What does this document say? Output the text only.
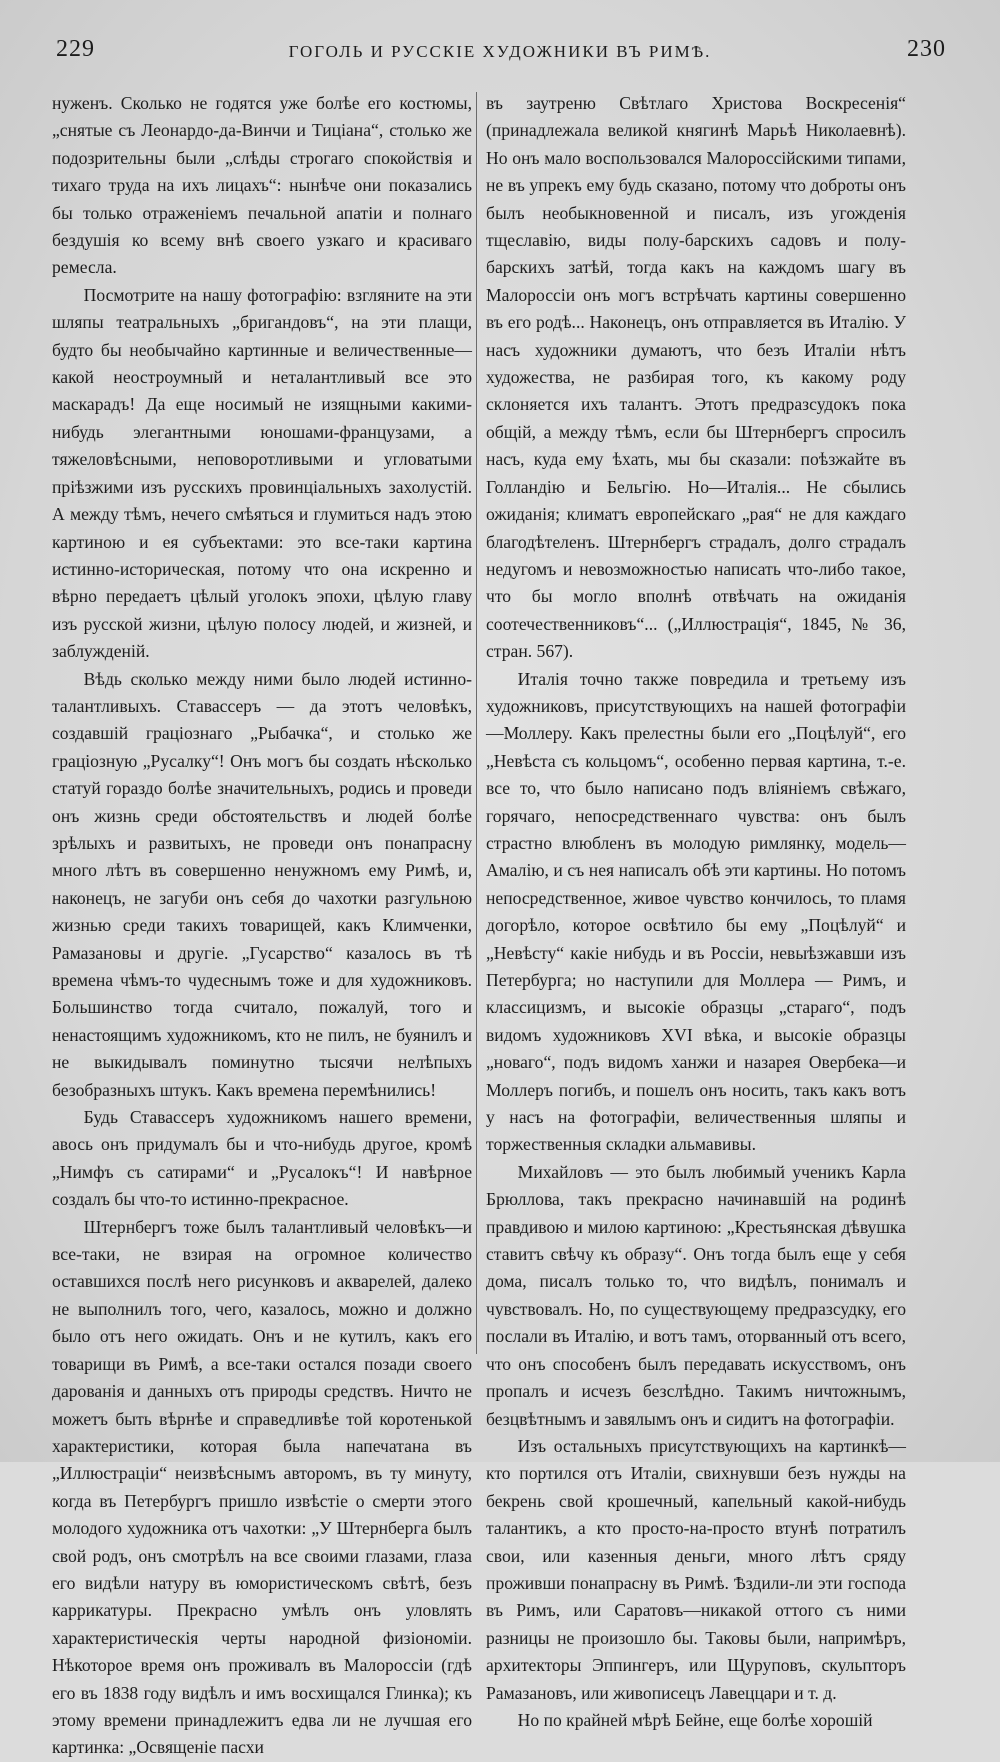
229	ГОГОЛЬ И РУССКІЕ ХУДОЖНИКИ ВЪ РИМѢ.	230

нуженъ. Сколько не годятся уже болѣе его костюмы, „снятые съ Леонардо-да-Винчи и Тиціана“, столько же подозрительны были „слѣды строгаго спокойствія и тихаго труда на ихъ лицахъ“: нынѣче они показались бы только отраженіемъ печальной апатіи и полнаго бездушія ко всему внѣ своего узкаго и красиваго ремесла.

Посмотрите на нашу фотографію: взгляните на эти шляпы театральныхъ „бригандовъ“, на эти плащи, будто бы необычайно картинные и величественные—какой неостроумный и неталантливый все это маскарадъ! Да еще носимый не изящными какими-нибудь элегантными юношами-французами, а тяжеловѣсными, неповоротливыми и угловатыми пріѣзжими изъ русскихъ провинціальныхъ захолустій. А между тѣмъ, нечего смѣяться и глумиться надъ этою картиною и ея субъектами: это все-таки картина истинно-историческая, потому что она искренно и вѣрно передаетъ цѣлый уголокъ эпохи, цѣлую главу изъ русской жизни, цѣлую полосу людей, и жизней, и заблужденій.

Вѣдь сколько между ними было людей истинно-талантливыхъ. Ставассеръ — да этотъ человѣкъ, создавшій граціознаго „Рыбачка“, и столько же граціозную „Русалку“! Онъ могъ бы создать нѣсколько статуй гораздо болѣе значительныхъ, родись и проведи онъ жизнь среди обстоятельствъ и людей болѣе зрѣлыхъ и развитыхъ, не проведи онъ понапрасну много лѣтъ въ совершенно ненужномъ ему Римѣ, и, наконецъ, не загуби онъ себя до чахотки разгульною жизнью среди такихъ товарищей, какъ Климченки, Рамазановы и другіе. „Гусарство“ казалось въ тѣ времена чѣмъ-то чудеснымъ тоже и для художниковъ. Большинство тогда считало, пожалуй, того и ненастоящимъ художникомъ, кто не пилъ, не буянилъ и не выкидывалъ поминутно тысячи нелѣпыхъ безобразныхъ штукъ. Какъ времена перемѣнились!

Будь Ставассеръ художникомъ нашего времени, авось онъ придумалъ бы и что-нибудь другое, кромѣ „Нимфъ съ сатирами“ и „Русалокъ“! И навѣрное создалъ бы что-то истинно-прекрасное.

Штернбергъ тоже былъ талантливый человѣкъ—и все-таки, не взирая на огромное количество оставшихся послѣ него рисунковъ и акварелей, далеко не выполнилъ того, чего, казалось, можно и должно было отъ него ожидать. Онъ и не кутилъ, какъ его товарищи въ Римѣ, а все-таки остался позади своего дарованія и данныхъ отъ природы средствъ. Ничто не можетъ быть вѣрнѣе и справедливѣе той коротенькой характеристики, которая была напечатана въ „Иллюстраціи“ неизвѣснымъ авторомъ, въ ту минуту, когда въ Петербургъ пришло извѣстіе о смерти этого молодого художника отъ чахотки: „У Штернберга былъ свой родъ, онъ смотрѣлъ на все своими глазами, глаза его видѣли натуру въ юмористическомъ свѣтѣ, безъ каррикатуры. Прекрасно умѣлъ онъ уловлять характеристическія черты народной физіономіи. Нѣкоторое время онъ проживалъ въ Малороссіи (гдѣ его въ 1838 году видѣлъ и имъ восхищался Глинка); къ этому времени принадлежитъ едва ли не лучшая его картинка: „Освященіе пасхи

въ заутреню Свѣтлаго Христова Воскресенія“ (принадлежала великой княгинѣ Марьѣ Николаевнѣ). Но онъ мало воспользовался Малороссійскими типами, не въ упрекъ ему будь сказано, потому что доброты онъ былъ необыкновенной и писалъ, изъ угожденія тщеславію, виды полу-барскихъ садовъ и полу-барскихъ затѣй, тогда какъ на каждомъ шагу въ Малороссіи онъ могъ встрѣчать картины совершенно въ его родѣ... Наконецъ, онъ отправляется въ Италію. У насъ художники думаютъ, что безъ Италіи нѣтъ художества, не разбирая того, къ какому роду склоняется ихъ талантъ. Этотъ предразсудокъ пока общій, а между тѣмъ, если бы Штернбергъ спросилъ насъ, куда ему ѣхать, мы бы сказали: поѣзжайте въ Голландію и Бельгію. Но—Италія... Не сбылись ожиданія; климатъ европейскаго „рая“ не для каждаго благодѣтеленъ. Штернбергъ страдалъ, долго страдалъ недугомъ и невозможностью написать что-либо такое, что бы могло вполнѣ отвѣчать на ожиданія соотечественниковъ“... („Иллюстрація“, 1845, № 36, стран. 567).

Италія точно также повредила и третьему изъ художниковъ, присутствующихъ на нашей фотографіи—Моллеру. Какъ прелестны были его „Поцѣлуй“, его „Невѣста съ кольцомъ“, особенно первая картина, т.-е. все то, что было написано подъ вліяніемъ свѣжаго, горячаго, непосредственнаго чувства: онъ былъ страстно влюбленъ въ молодую римлянку, модель—Амалію, и съ нея написалъ обѣ эти картины. Но потомъ непосредственное, живое чувство кончилось, то пламя догорѣло, которое освѣтило бы ему „Поцѣлуй“ и „Невѣсту“ какіе нибудь и въ Россіи, невыѣзжавши изъ Петербурга; но наступили для Моллера — Римъ, и классицизмъ, и высокіе образцы „стараго“, подъ видомъ художниковъ XVI вѣка, и высокіе образцы „новаго“, подъ видомъ ханжи и назарея Овербека—и Моллеръ погибъ, и пошелъ онъ носить, такъ какъ вотъ у насъ на фотографіи, величественныя шляпы и торжественныя складки альмавивы.

Михайловъ — это былъ любимый ученикъ Карла Брюллова, такъ прекрасно начинавшій на родинѣ правдивою и милою картиною: „Крестьянская дѣвушка ставитъ свѣчу къ образу“. Онъ тогда былъ еще у себя дома, писалъ только то, что видѣлъ, понималъ и чувствовалъ. Но, по существующему предразсудку, его послали въ Италію, и вотъ тамъ, оторванный отъ всего, что онъ способенъ былъ передавать искусствомъ, онъ пропалъ и исчезъ безслѣдно. Такимъ ничтожнымъ, безцвѣтнымъ и завялымъ онъ и сидитъ на фотографіи.

Изъ остальныхъ присутствующихъ на картинкѣ—кто портился отъ Италіи, свихнувши безъ нужды на бекрень свой крошечный, капельный какой-нибудь талантикъ, а кто просто-на-просто втунѣ потратилъ свои, или казенныя деньги, много лѣтъ сряду проживши понапрасну въ Римѣ. Ѣздили-ли эти господа въ Римъ, или Саратовъ—никакой оттого съ ними разницы не произошло бы. Таковы были, напримѣръ, архитекторы Эппингеръ, или Щуруповъ, скульпторъ Рамазановъ, или живописецъ Лавеццари и т. д.

Но по крайней мѣрѣ Бейне, еще болѣе хорошій
